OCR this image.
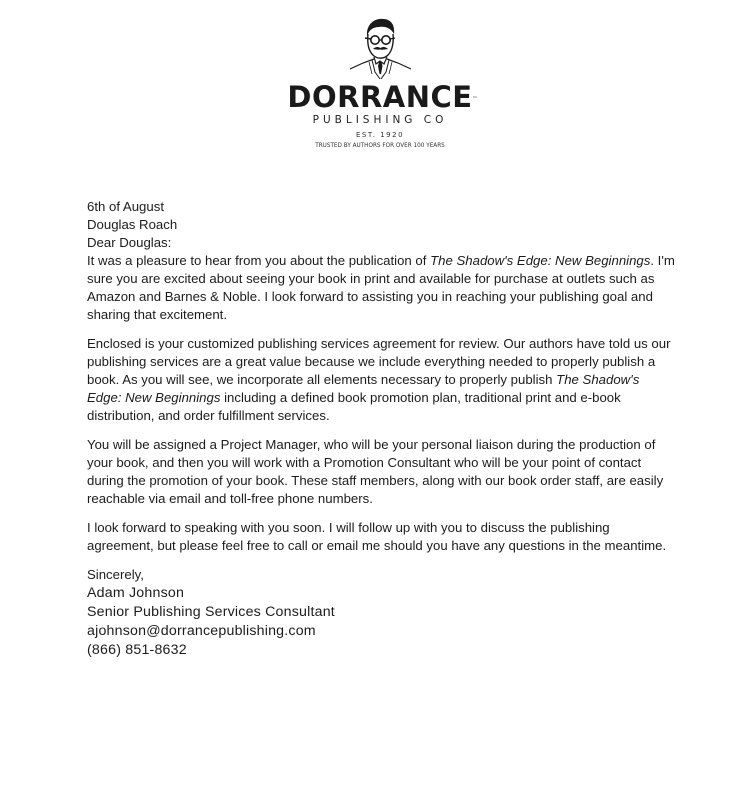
DORRANCE ™
PUBLISHING CO
EST. 1920
TRUSTED BY AUTHORS FOR OVER 100 YEARS

6th of August

Douglas Roach

Dear Douglas:

It was a pleasure to hear from you about the publication of The Shadow's Edge: New Beginnings. I'm sure you are excited about seeing your book in print and available for purchase at outlets such as Amazon and Barnes & Noble. I look forward to assisting you in reaching your publishing goal and sharing that excitement.

Enclosed is your customized publishing services agreement for review. Our authors have told us our publishing services are a great value because we include everything needed to properly publish a book. As you will see, we incorporate all elements necessary to properly publish The Shadow's Edge: New Beginnings including a defined book promotion plan, traditional print and e-book distribution, and order fulfillment services.

You will be assigned a Project Manager, who will be your personal liaison during the production of your book, and then you will work with a Promotion Consultant who will be your point of contact during the promotion of your book. These staff members, along with our book order staff, are easily reachable via email and toll-free phone numbers.

I look forward to speaking with you soon. I will follow up with you to discuss the publishing agreement, but please feel free to call or email me should you have any questions in the meantime.

Sincerely,

Adam Johnson
Senior Publishing Services Consultant
ajohnson@dorrancepublishing.com
(866) 851-8632
